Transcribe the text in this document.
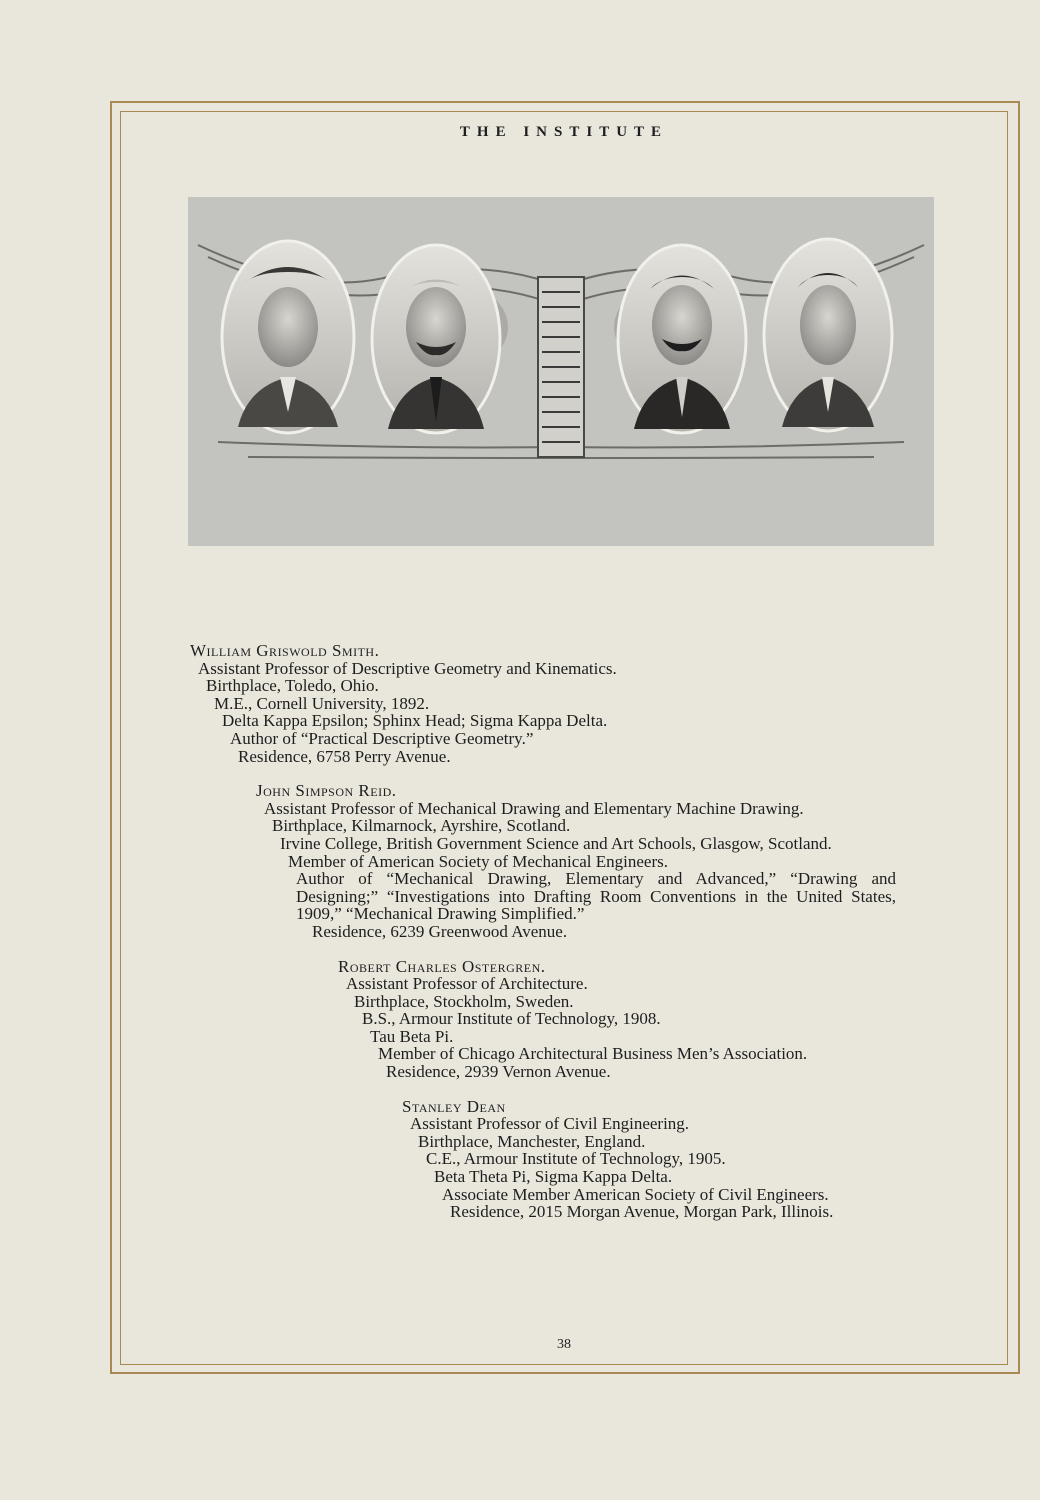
THE INSTITUTE
William Griswold Smith.
Assistant Professor of Descriptive Geometry and Kinematics.
Birthplace, Toledo, Ohio.
M.E., Cornell University, 1892.
Delta Kappa Epsilon; Sphinx Head; Sigma Kappa Delta.
Author of “Practical Descriptive Geometry.”
Residence, 6758 Perry Avenue.
John Simpson Reid.
Assistant Professor of Mechanical Drawing and Elementary Machine Drawing.
Birthplace, Kilmarnock, Ayrshire, Scotland.
Irvine College, British Government Science and Art Schools, Glasgow, Scotland.
Member of American Society of Mechanical Engineers.
Author of “Mechanical Drawing, Elementary and Advanced,” “Drawing and Designing;” “Investigations into Drafting Room Conventions in the United States, 1909,” “Mechanical Drawing Simplified.”
Residence, 6239 Greenwood Avenue.
Robert Charles Ostergren.
Assistant Professor of Architecture.
Birthplace, Stockholm, Sweden.
B.S., Armour Institute of Technology, 1908.
Tau Beta Pi.
Member of Chicago Architectural Business Men’s Association.
Residence, 2939 Vernon Avenue.
Stanley Dean
Assistant Professor of Civil Engineering.
Birthplace, Manchester, England.
C.E., Armour Institute of Technology, 1905.
Beta Theta Pi, Sigma Kappa Delta.
Associate Member American Society of Civil Engineers.
Residence, 2015 Morgan Avenue, Morgan Park, Illinois.
38
